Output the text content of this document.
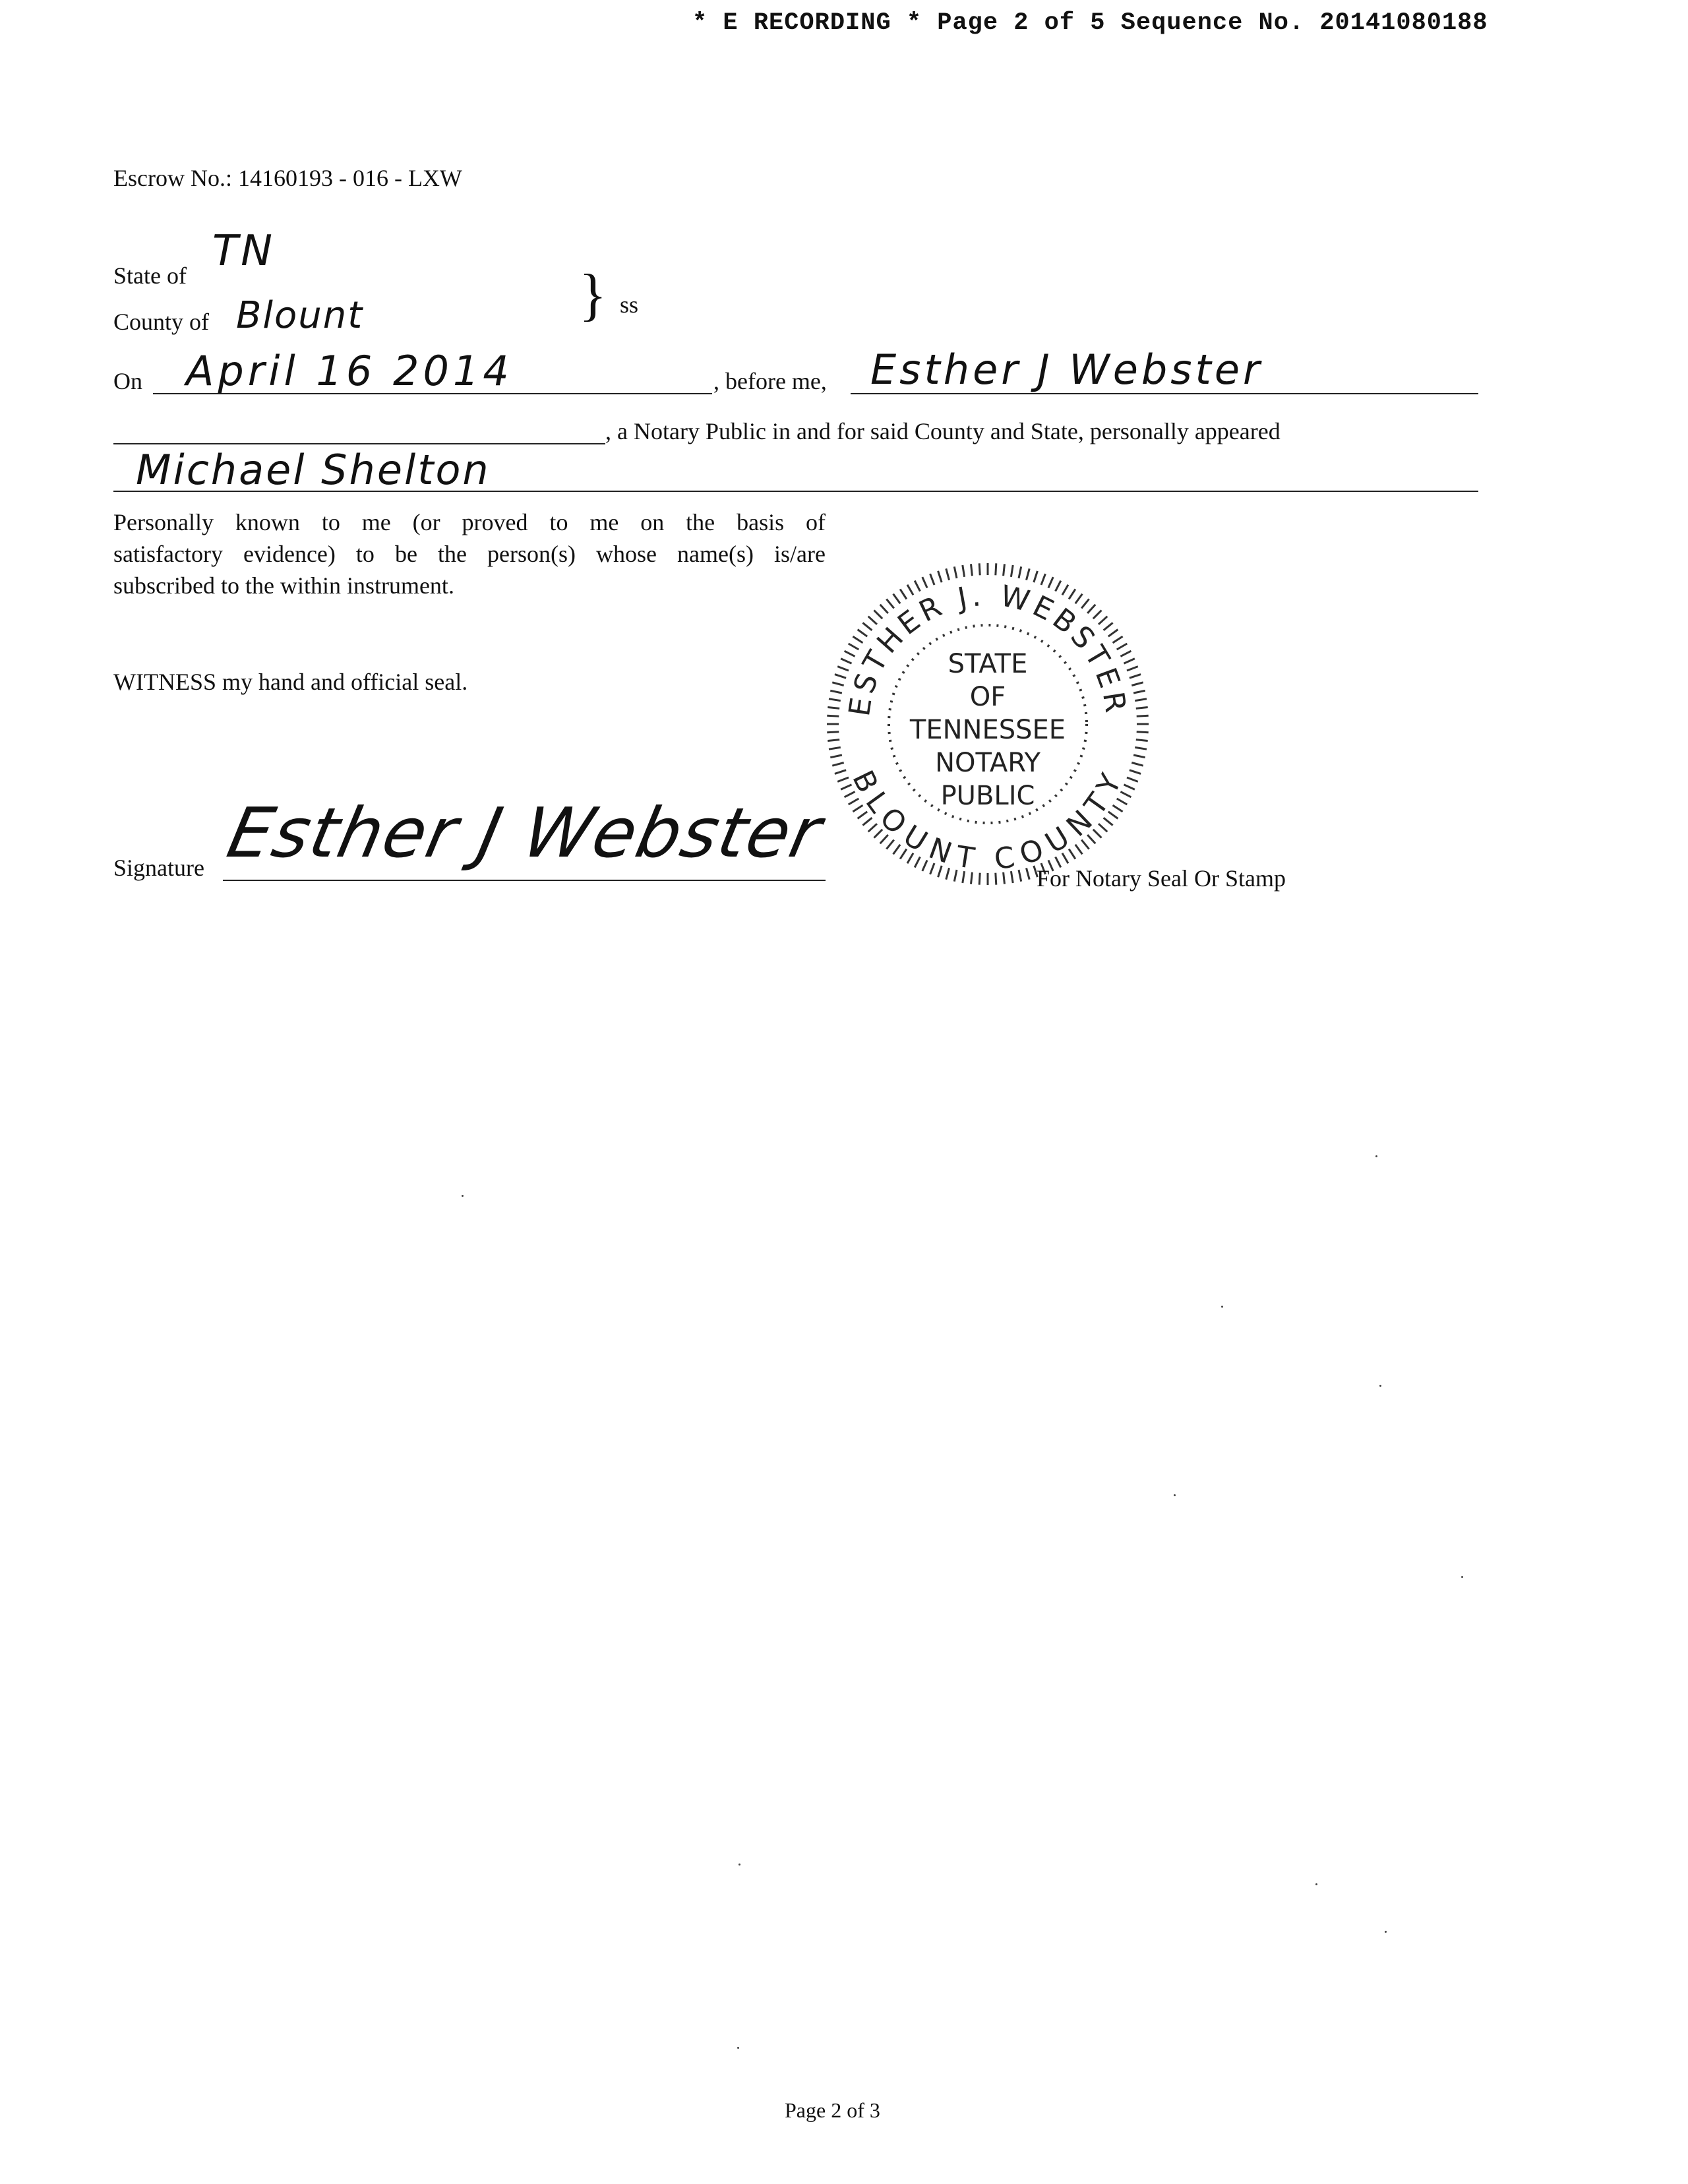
* E RECORDING * Page 2 of 5 Sequence No. 20141080188
Escrow No.: 14160193 - 016 - LXW
State of TN
County of Blount	} ss
On April 16 2014	, before me, Esther J Webster
, a Notary Public in and for said County and State, personally appeared
Michael Shelton
Personally known to me (or proved to me on the basis of
satisfactory evidence) to be the person(s) whose name(s) is/are
subscribed to the within instrument.
WITNESS my hand and official seal.
Signature Esther J Webster
ESTHER J. WEBSTER
BLOUNT COUNTY
STATE
OF
TENNESSEE
NOTARY
PUBLIC
For Notary Seal Or Stamp
Page 2 of 3
